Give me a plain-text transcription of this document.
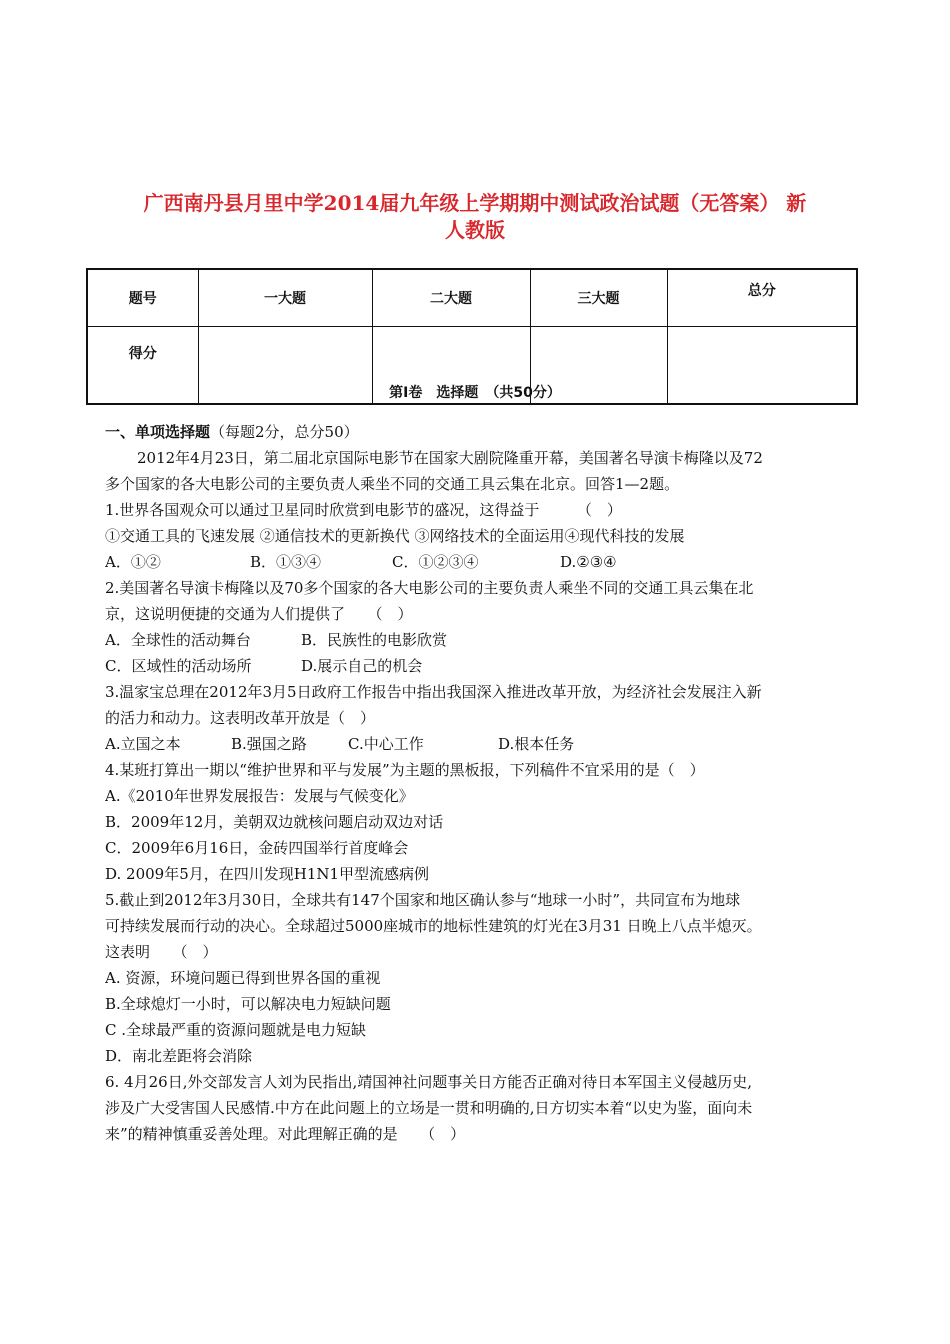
广西南丹县月里中学2014届九年级上学期期中测试政治试题（无答案） 新
人教版
题号	一大题	二大题	三大题	总分
得分				
第Ⅰ卷　选择题　（共50分）
一、单项选择题（每题2分，总分50）
2012年4月23日，第二届北京国际电影节在国家大剧院隆重开幕，美国著名导演卡梅隆以及72
多个国家的各大电影公司的主要负责人乘坐不同的交通工具云集在北京。回答1—2题。
1.世界各国观众可以通过卫星同时欣赏到电影节的盛况，这得益于　　　（　）
①交通工具的飞速发展 ②通信技术的更新换代 ③网络技术的全面运用④现代科技的发展
A．①②	B．①③④	C．①②③④	D.②③④
2.美国著名导演卡梅隆以及70多个国家的各大电影公司的主要负责人乘坐不同的交通工具云集在北
京，这说明便捷的交通为人们提供了　　（　）
A．全球性的活动舞台	B．民族性的电影欣赏
C．区域性的活动场所	D.展示自己的机会
3.温家宝总理在2012年3月5日政府工作报告中指出我国深入推进改革开放，为经济社会发展注入新
的活力和动力。这表明改革开放是（　）
A.立国之本	B.强国之路	C.中心工作	D.根本任务
4.某班打算出一期以“维护世界和平与发展”为主题的黑板报，下列稿件不宜采用的是（　）
A.《2010年世界发展报告：发展与气候变化》
B．2009年12月，美朝双边就核问题启动双边对话
C．2009年6月16日，金砖四国举行首度峰会
D. 2009年5月，在四川发现H1N1甲型流感病例
5.截止到2012年3月30日，全球共有147个国家和地区确认参与“地球一小时”，共同宣布为地球
可持续发展而行动的决心。全球超过5000座城市的地标性建筑的灯光在3月31 日晚上八点半熄灭。
这表明　　（　）
A. 资源，环境问题已得到世界各国的重视
B.全球熄灯一小时，可以解决电力短缺问题
C .全球最严重的资源问题就是电力短缺
D．南北差距将会消除
6. 4月26日,外交部发言人刘为民指出,靖国神社问题事关日方能否正确对待日本军国主义侵越历史,
涉及广大受害国人民感情.中方在此问题上的立场是一贯和明确的,日方切实本着“以史为鉴，面向未
来”的精神慎重妥善处理。对此理解正确的是　　（　）
